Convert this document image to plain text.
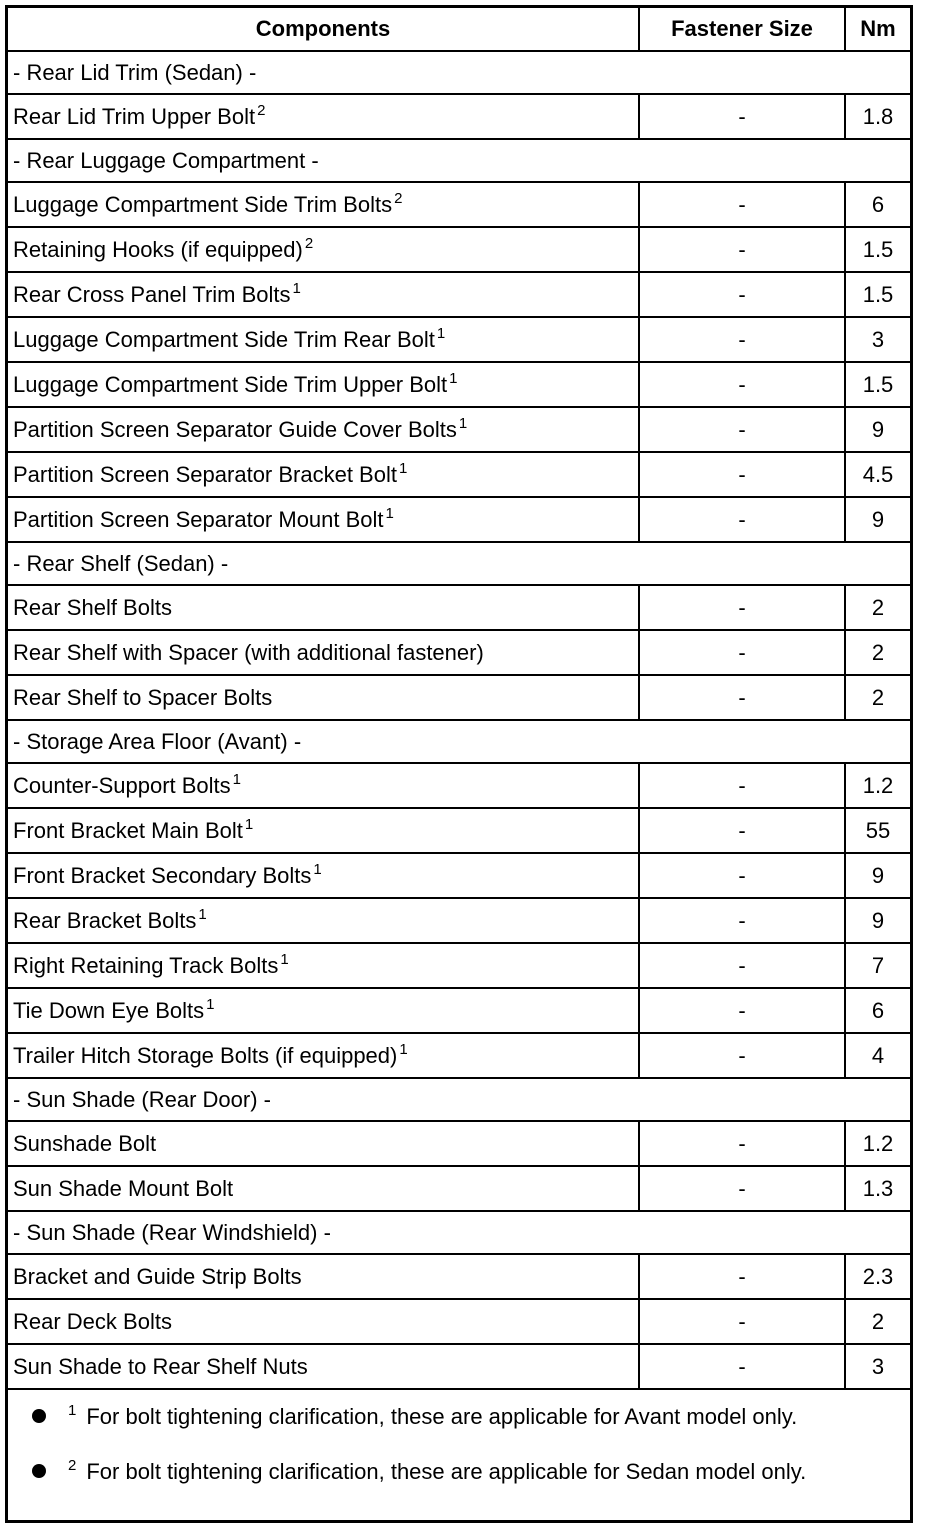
Components	Fastener Size	Nm
- Rear Lid Trim (Sedan) -		
Rear Lid Trim Upper Bolt $^2$	-	1.8
- Rear Luggage Compartment -		
Luggage Compartment Side Trim Bolts $^2$	-	6
Retaining Hooks (if equipped) $^2$	-	1.5
Rear Cross Panel Trim Bolts $^1$	-	1.5
Luggage Compartment Side Trim Rear Bolt $^1$	-	3
Luggage Compartment Side Trim Upper Bolt $^1$	-	1.5
Partition Screen Separator Guide Cover Bolts $^1$	-	9
Partition Screen Separator Bracket Bolt $^1$	-	4.5
Partition Screen Separator Mount Bolt $^1$	-	9
- Rear Shelf (Sedan) -		
Rear Shelf Bolts	-	2
Rear Shelf with Spacer (with additional fastener)	-	2
Rear Shelf to Spacer Bolts	-	2
- Storage Area Floor (Avant) -		
Counter-Support Bolts $^1$	-	1.2
Front Bracket Main Bolt $^1$	-	55
Front Bracket Secondary Bolts $^1$	-	9
Rear Bracket Bolts $^1$	-	9
Right Retaining Track Bolts $^1$	-	7
Tie Down Eye Bolts $^1$	-	6
Trailer Hitch Storage Bolts (if equipped) $^1$	-	4
- Sun Shade (Rear Door) -		
Sunshade Bolt	-	1.2
Sun Shade Mount Bolt	-	1.3
- Sun Shade (Rear Windshield) -		
Bracket and Guide Strip Bolts	-	2.3
Rear Deck Bolts	-	2
Sun Shade to Rear Shelf Nuts	-	3
$^1$ For bolt tightening clarification, these are applicable for Avant model only.
$^2$ For bolt tightening clarification, these are applicable for Sedan model only.
